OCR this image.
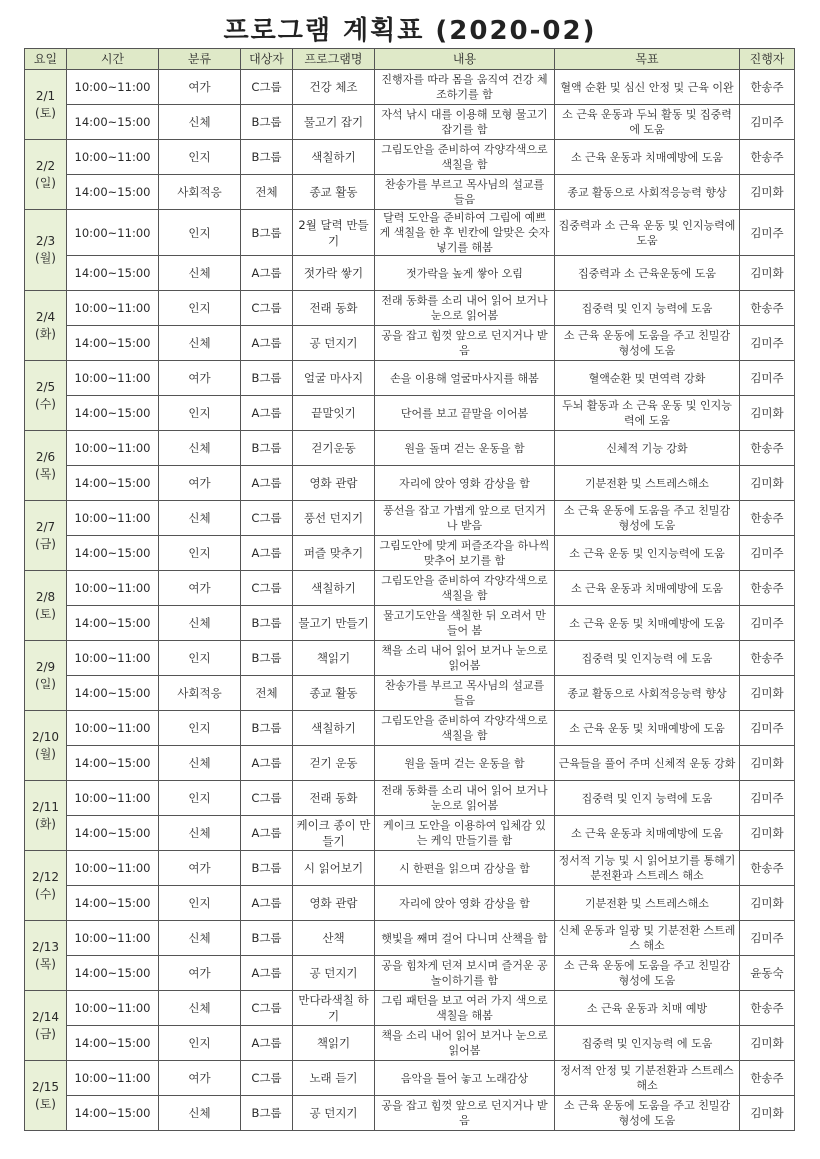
프로그램 계획표 (2020-02)
요일	시간	분류	대상자	프로그램명	내용	목표	진행자

2/1
(토)	10:00~11:00	여가	C그룹	건강 체조	진행자를 따라 몸을 움직여 건강 체조하기를 함	혈액 순환 및 심신 안정 및 근육 이완	한송주
	14:00~15:00	신체	B그룹	물고기 잡기	자석 낚시 대를 이용해 모형 물고기잡기를 함	소 근육 운동과 두뇌 활동 및 집중력에 도움	김미주

2/2
(일)	10:00~11:00	인지	B그룹	색칠하기	그림도안을 준비하여 각양각색으로 색칠을 함	소 근육 운동과 치매예방에 도움	한송주
	14:00~15:00	사회적응	전체	종교 활동	찬송가를 부르고 목사님의 설교를 들음	종교 활동으로 사회적응능력 향상	김미화

2/3
(월)	10:00~11:00	인지	B그룹	2월 달력 만들기	달력 도안을 준비하여 그림에 예쁘게 색칠을 한 후 빈칸에 알맞은 숫자 넣기를 해봄	집중력과 소 근육 운동 및 인지능력에 도움	김미주
	14:00~15:00	신체	A그룹	젓가락 쌓기	젓가락을 높게 쌓아 오림	집중력과 소 근육운동에 도움	김미화

2/4
(화)	10:00~11:00	인지	C그룹	전래 동화	전래 동화를 소리 내어 읽어 보거나 눈으로 읽어봄	집중력 및 인지 능력에 도움	한송주
	14:00~15:00	신체	A그룹	공 던지기	공을 잡고 힘껏 앞으로 던지거나 받음	소 근육 운동에 도움을 주고 친밀감 형성에 도움	김미주

2/5
(수)	10:00~11:00	여가	B그룹	얼굴 마사지	손을 이용해 얼굴마사지를 해봄	혈액순환 및 면역력 강화	김미주
	14:00~15:00	인지	A그룹	끝말잇기	단어를 보고 끝말을 이어봄	두뇌 활동과 소 근육 운동 및 인지능력에 도움	김미화

2/6
(목)	10:00~11:00	신체	B그룹	걷기운동	원을 돌며 걷는 운동을 함	신체적 기능 강화	한송주
	14:00~15:00	여가	A그룹	영화 관람	자리에 앉아 영화 감상을 함	기분전환 및 스트레스해소	김미화

2/7
(금)	10:00~11:00	신체	C그룹	풍선 던지기	풍선을 잡고 가볍게 앞으로 던지거나 받음	소 근육 운동에 도움을 주고 친밀감 형성에 도움	한송주
	14:00~15:00	인지	A그룹	퍼즐 맞추기	그림도안에 맞게 퍼즐조각을 하나씩 맞추어 보기를 함	소 근육 운동 및 인지능력에 도움	김미주

2/8
(토)	10:00~11:00	여가	C그룹	색칠하기	그림도안을 준비하여 각양각색으로 색칠을 함	소 근육 운동과 치매예방에 도움	한송주
	14:00~15:00	신체	B그룹	물고기 만들기	물고기도안을 색칠한 뒤 오려서 만들어 봄	소 근육 운동 및 치매예방에 도움	김미주

2/9
(일)	10:00~11:00	인지	B그룹	책읽기	책을 소리 내어 읽어 보거나 눈으로 읽어봄	집중력 및 인지능력 에 도움	한송주
	14:00~15:00	사회적응	전체	종교 활동	찬송가를 부르고 목사님의 설교를 들음	종교 활동으로 사회적응능력 향상	김미화

2/10
(월)	10:00~11:00	인지	B그룹	색칠하기	그림도안을 준비하여 각양각색으로 색칠을 함	소 근육 운동 및 치매예방에 도움	김미주
	14:00~15:00	신체	A그룹	걷기 운동	원을 돌며 걷는 운동을 함	근육들을 풀어 주며 신체적 운동 강화	김미화

2/11
(화)	10:00~11:00	인지	C그룹	전래 동화	전래 동화를 소리 내어 읽어 보거나 눈으로 읽어봄	집중력 및 인지 능력에 도움	김미주
	14:00~15:00	신체	A그룹	케이크 종이 만들기	케이크 도안을 이용하여 입체감 있는 케익 만들기를 함	소 근육 운동과 치매예방에 도움	김미화

2/12
(수)	10:00~11:00	여가	B그룹	시 읽어보기	시 한편을 읽으며 감상을 함	정서적 기능 및 시 읽어보기를 통해기분전환과 스트레스 해소	한송주
	14:00~15:00	인지	A그룹	영화 관람	자리에 앉아 영화 감상을 함	기분전환 및 스트레스해소	김미화

2/13
(목)	10:00~11:00	신체	B그룹	산책	햇빛을 째며 걸어 다니며 산책을 함	신체 운동과 일광 및 기분전환 스트레스 해소	김미주
	14:00~15:00	여가	A그룹	공 던지기	공을 힘차게 던져 보시며 즐거운 공놀이하기를 함	소 근육 운동에 도움을 주고 친밀감 형성에 도움	윤동숙

2/14
(금)	10:00~11:00	신체	C그룹	만다라색칠 하기	그림 패턴을 보고 여러 가지 색으로 색칠을 해봄	소 근육 운동과 치매 예방	한송주
	14:00~15:00	인지	A그룹	책읽기	책을 소리 내어 읽어 보거나 눈으로 읽어봄	집중력 및 인지능력 에 도움	김미화

2/15
(토)	10:00~11:00	여가	C그룹	노래 듣기	음악을 틀어 놓고 노래감상	정서적 안정 및 기분전환과 스트레스 해소	한송주
	14:00~15:00	신체	B그룹	공 던지기	공을 잡고 힘껏 앞으로 던지거나 받음	소 근육 운동에 도움을 주고 친밀감 형성에 도움	김미화
